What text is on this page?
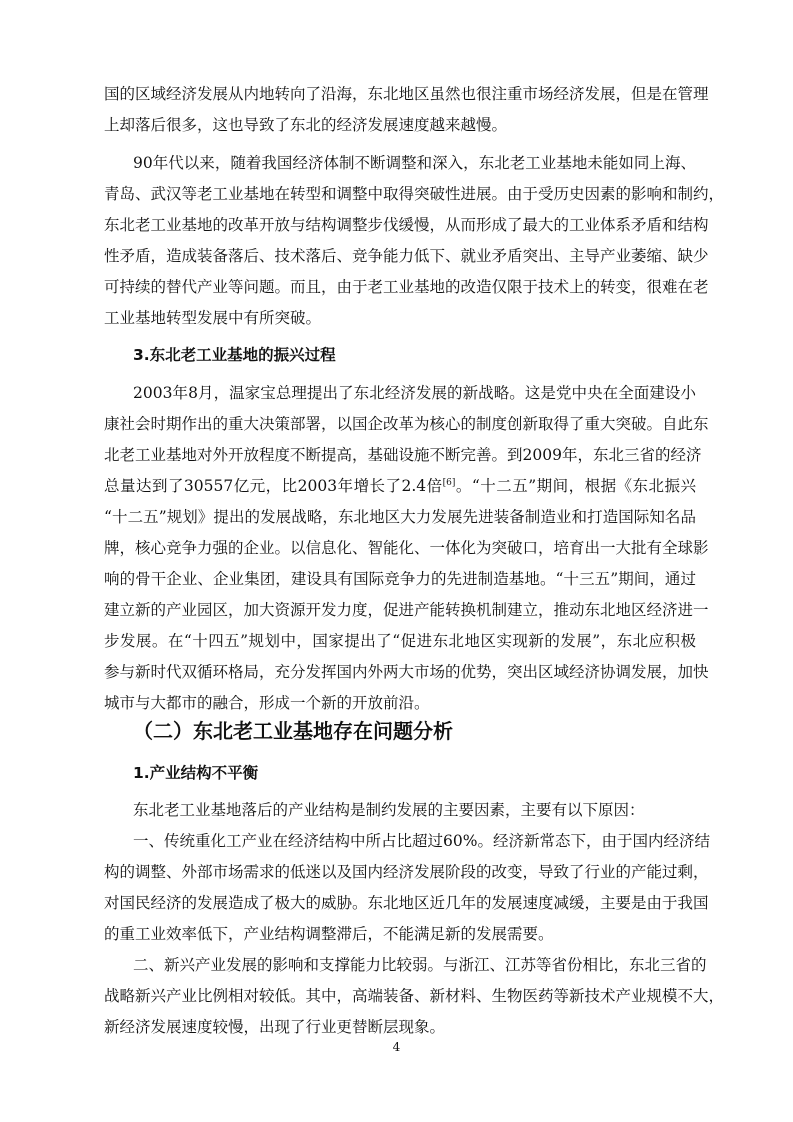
国的区域经济发展从内地转向了沿海，东北地区虽然也很注重市场经济发展，但是在管理
上却落后很多，这也导致了东北的经济发展速度越来越慢。
90年代以来，随着我国经济体制不断调整和深入，东北老工业基地未能如同上海、
青岛、武汉等老工业基地在转型和调整中取得突破性进展。由于受历史因素的影响和制约，
东北老工业基地的改革开放与结构调整步伐缓慢，从而形成了最大的工业体系矛盾和结构
性矛盾，造成装备落后、技术落后、竞争能力低下、就业矛盾突出、主导产业萎缩、缺少
可持续的替代产业等问题。而且，由于老工业基地的改造仅限于技术上的转变，很难在老
工业基地转型发展中有所突破。
3.东北老工业基地的振兴过程
2003年8月，温家宝总理提出了东北经济发展的新战略。这是党中央在全面建设小
康社会时期作出的重大决策部署，以国企改革为核心的制度创新取得了重大突破。自此东
北老工业基地对外开放程度不断提高，基础设施不断完善。到2009年，东北三省的经济
总量达到了30557亿元，比2003年增长了2.4倍[6]。“十二五”期间，根据《东北振兴
“十二五”规划》提出的发展战略，东北地区大力发展先进装备制造业和打造国际知名品
牌，核心竞争力强的企业。以信息化、智能化、一体化为突破口，培育出一大批有全球影
响的骨干企业、企业集团，建设具有国际竞争力的先进制造基地。“十三五”期间，通过
建立新的产业园区，加大资源开发力度，促进产能转换机制建立，推动东北地区经济进一
步发展。在“十四五”规划中，国家提出了“促进东北地区实现新的发展”，东北应积极
参与新时代双循环格局，充分发挥国内外两大市场的优势，突出区域经济协调发展，加快
城市与大都市的融合，形成一个新的开放前沿。
（二）东北老工业基地存在问题分析
1.产业结构不平衡
东北老工业基地落后的产业结构是制约发展的主要因素，主要有以下原因：
一、传统重化工产业在经济结构中所占比超过60%。经济新常态下，由于国内经济结
构的调整、外部市场需求的低迷以及国内经济发展阶段的改变，导致了行业的产能过剩，
对国民经济的发展造成了极大的威胁。东北地区近几年的发展速度减缓，主要是由于我国
的重工业效率低下，产业结构调整滞后，不能满足新的发展需要。
二、新兴产业发展的影响和支撑能力比较弱。与浙江、江苏等省份相比，东北三省的
战略新兴产业比例相对较低。其中，高端装备、新材料、生物医药等新技术产业规模不大，
新经济发展速度较慢，出现了行业更替断层现象。
4
